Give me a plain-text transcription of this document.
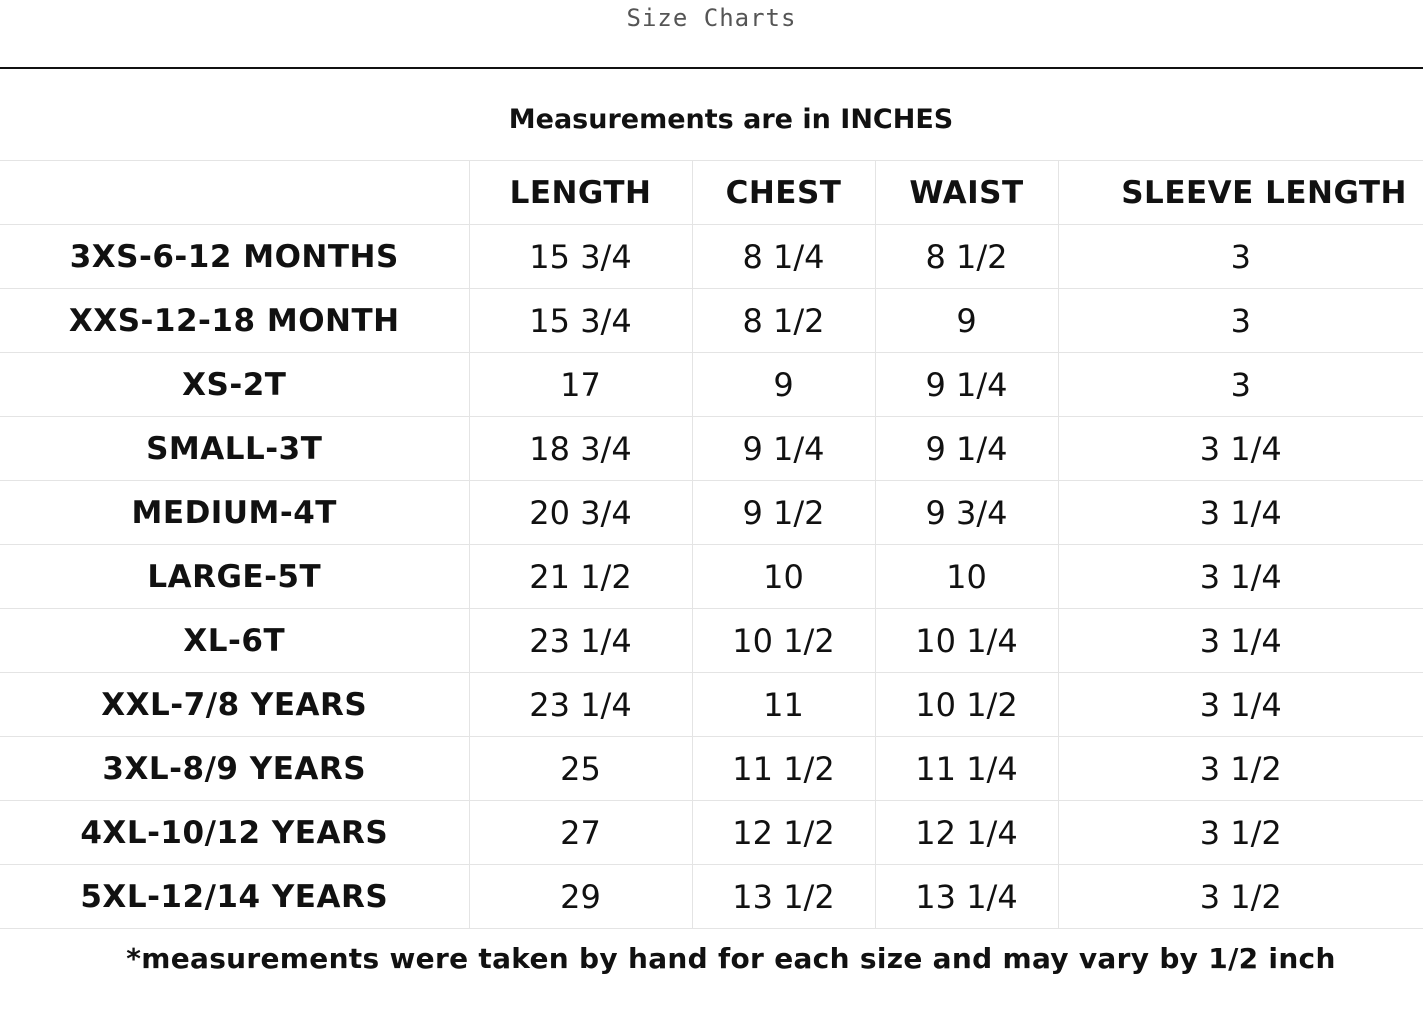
Size Charts
Measurements are in INCHES
	LENGTH	CHEST	WAIST	SLEEVE LENGTH
3XS-6-12 MONTHS	15 3/4	8 1/4	8 1/2	3
XXS-12-18 MONTH	15 3/4	8 1/2	9	3
XS-2T	17	9	9 1/4	3
SMALL-3T	18 3/4	9 1/4	9 1/4	3 1/4
MEDIUM-4T	20 3/4	9 1/2	9 3/4	3 1/4
LARGE-5T	21 1/2	10	10	3 1/4
XL-6T	23 1/4	10 1/2	10 1/4	3 1/4
XXL-7/8 YEARS	23 1/4	11	10 1/2	3 1/4
3XL-8/9 YEARS	25	11 1/2	11 1/4	3 1/2
4XL-10/12 YEARS	27	12 1/2	12 1/4	3 1/2
5XL-12/14 YEARS	29	13 1/2	13 1/4	3 1/2
*measurements were taken by hand for each size and may vary by 1/2 inch
